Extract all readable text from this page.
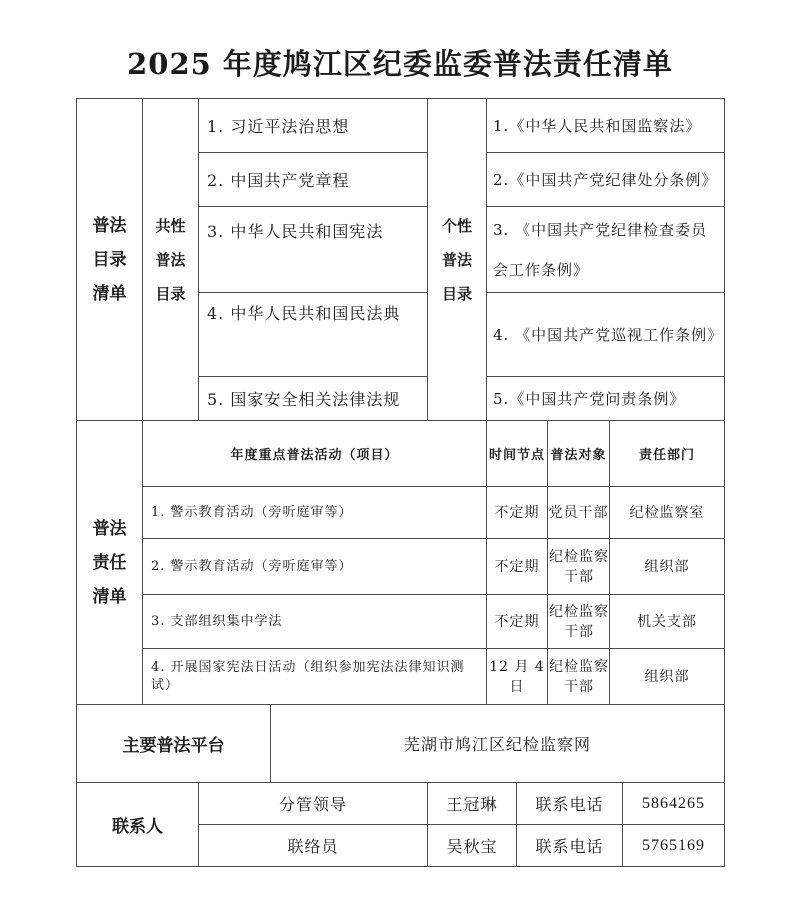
2025 年度鸠江区纪委监委普法责任清单
普法目录清单	共性普法目录	1. 习近平法治思想		个性普法目录	1.《中华人民共和国监察法》				
		2. 中国共产党章程			2.《中国共产党纪律处分条例》				
		3. 中华人民共和国宪法			3. 《中国共产党纪律检查委员会工作条例》				
		4. 中华人民共和国民法典			4. 《中国共产党巡视工作条例》				
		5. 国家安全相关法律法规			5.《中国共产党问责条例》				

普法责任清单	年度重点普法活动（项目）				时间节点		普法对象	责任部门	
	1. 警示教育活动（旁听庭审等）				不定期		党员干部	纪检监察室	
	2. 警示教育活动（旁听庭审等）				不定期		纪检监察干部	组织部	
	3. 支部组织集中学法				不定期		纪检监察干部	机关支部	
	4. 开展国家宪法日活动（组织参加宪法法律知识测试）				12 月 4 日		纪检监察干部	组织部	
主要普法平台			芜湖市鸠江区纪检监察网						
联系人		分管领导		王冠琳		联系电话			5864265
		联络员		吴秋宝		联系电话			5765169
